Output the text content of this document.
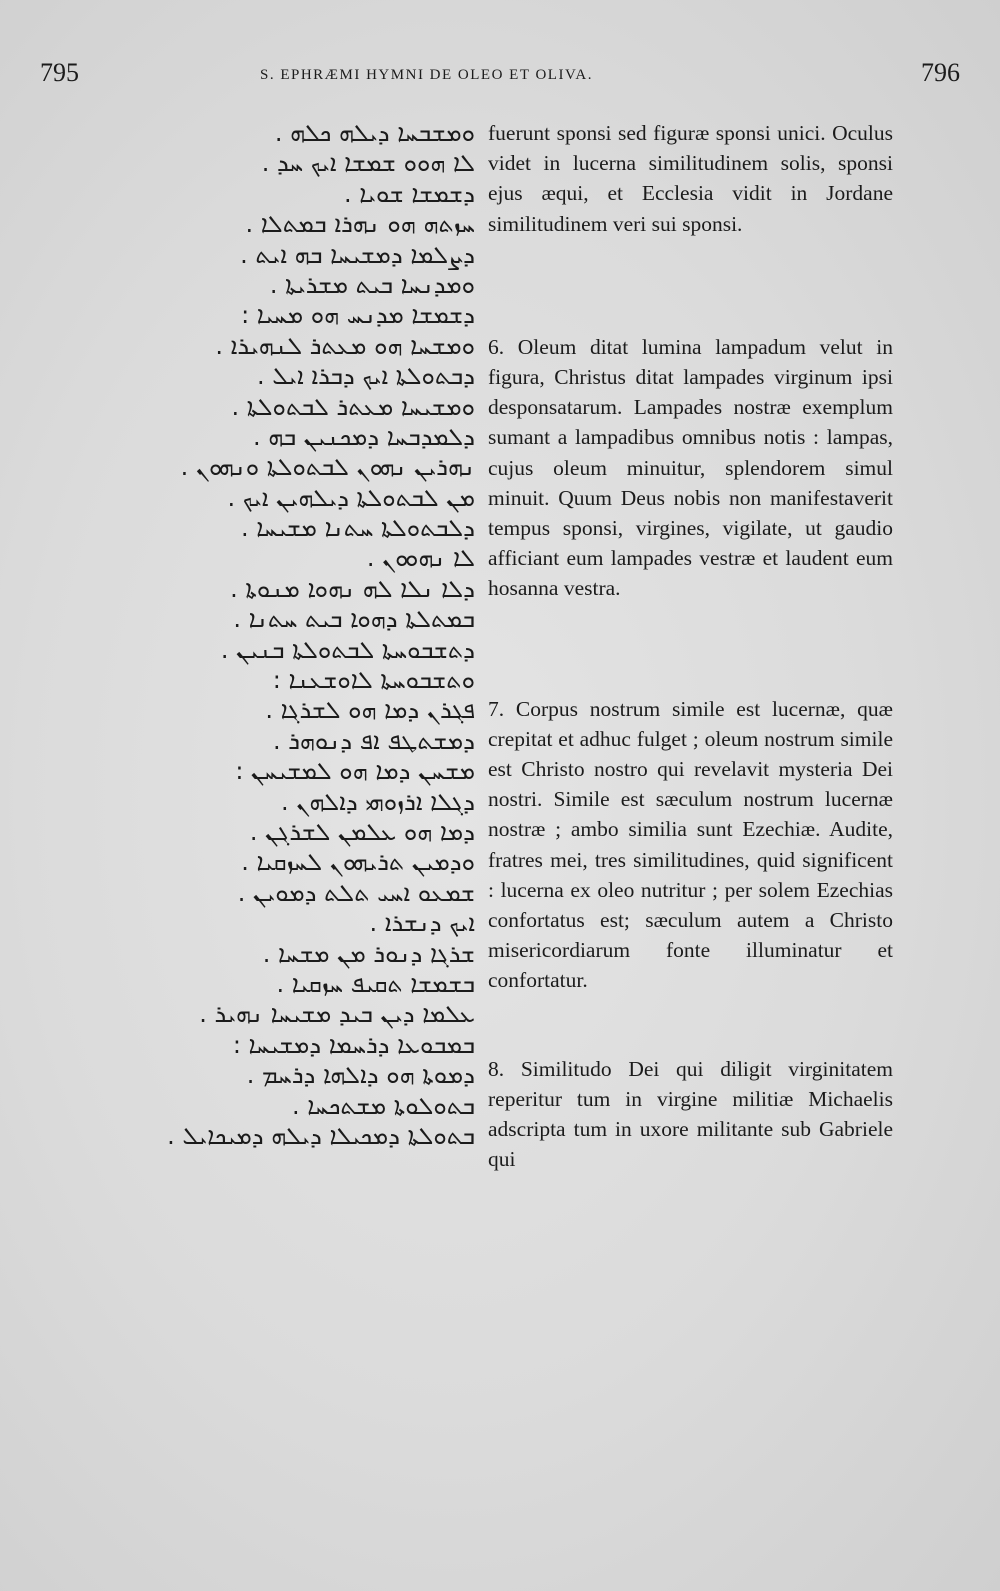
795	S. EPHRÆMI HYMNI DE OLEO ET OLIVA.	796
ܘܡܫܒܚܐ ܕܝܠܗ ܟܠܗ .
ܠܐ ܗܘܘ ܫܡܫܐ ܐܝܟ ܚܕ .
ܕܫܡܫܐ ܫܘܝܐ .
ܚܙܬܗ ܗܘ ܢܗܪܐ ܒܡܬܠܐ .
ܕܨܠܡܐ ܕܡܫܝܚܐ ܒܗ ܐܝܬ .
ܘܡܕܢܚܐ ܒܝܬ ܡܫܪܝܬܐ .
ܕܫܡܫܐ ܡܕܢܚ ܗܘ ܡܚܝܐ :
ܘܡܫܚܐ ܗܘ ܡܥܬܪ ܠܢܗܝܪܐ .
ܕܒܬܘܠܬܐ ܐܝܟ ܕܒܪܐ ܐܝܠ .
ܘܡܫܝܚܐ ܡܥܬܪ ܠܒܬܘܠܬܐ .
ܕܠܡܕܒܚܐ ܕܡܟܢܝܢ ܒܗ .
ܢܗܪܝܢ ܢܗܘܢ ܠܒܬܘܠܬܐ ܘܢܗܘܢ .
ܡܢ ܠܒܬܘܠܬܐ ܕܝܠܗܝܢ ܐܝܟ .
ܕܠܒܬܘܠܬܐ ܚܬܢܐ ܡܫܝܚܐ .
ܠܐ ܢܗܘܘܢ .
ܕܠܐ ܢܠܐ ܠܗ ܢܗܘܐ ܡܢܘܬܐ .
ܒܡܬܠܬܐ ܕܗܘܐ ܒܝܬ ܚܬܢܐ .
ܕܬܫܒܘܚܬܐ ܠܒܬܘܠܬܐ ܒܢܝܢ .
ܘܬܫܒܘܚܬܐ ܠܐܘܫܥܢܐ :
ܦܓܪܢ ܕܡܐ ܗܘ ܠܫܪܓܐ .
ܕܡܫܬܛܦ ܐܦ ܕܢܘܗܪ .
ܡܫܚܢ ܕܡܐ ܗܘ ܠܡܫܝܚܢ :
ܕܓܠܐ ܐܪܙܘܗܝ ܕܐܠܗܢ .
ܕܡܐ ܗܘ ܥܠܡܢ ܠܫܪܓܢ .
ܘܕܡܝܢ ܬܪܝܗܘܢ ܠܚܙܩܝܐ .
ܫܡܥܘ ܐܚܝ ܬܠܬ ܕܡܘܝܢ .
ܐܝܟ ܕܢܫܪܐ .
ܫܪܓܐ ܕܢܘܪ ܡܢ ܡܫܚܐ .
ܒܫܡܫܐ ܬܩܝܦ ܚܙܩܝܐ .
ܥܠܡܐ ܕܝܢ ܒܝܕ ܡܫܝܚܐ ܢܗܝܪ .
ܒܡܒܘܥܐ ܕܪܚܡܐ ܕܡܫܝܚܐ :
ܕܡܘܬܐ ܗܘ ܕܐܠܗܐ ܕܪܚܡ .
ܒܬܘܠܘܬܐ ܡܫܬܟܚܐ .
ܒܬܘܠܬܐ ܕܡܟܝܠܐ ܕܝܠܗ ܕܡܝܟܐܝܠ .

fuerunt sponsi sed figuræ sponsi unici. Oculus videt in lucerna similitudinem solis, sponsi ejus æqui, et Ecclesia vidit in Jordane similitudinem veri sui sponsi.

6. Oleum ditat lumina lampadum velut in figura, Christus ditat lampades virginum ipsi desponsatarum. Lampades nostræ exemplum sumant a lampadibus omnibus notis : lampas, cujus oleum minuitur, splendorem simul minuit. Quum Deus nobis non manifestaverit tempus sponsi, virgines, vigilate, ut gaudio afficiant eum lampades vestræ et laudent eum hosanna vestra.

7. Corpus nostrum simile est lucernæ, quæ crepitat et adhuc fulget ; oleum nostrum simile est Christo nostro qui revelavit mysteria Dei nostri. Simile est sæculum nostrum lucernæ nostræ ; ambo similia sunt Ezechiæ. Audite, fratres mei, tres similitudines, quid significent : lucerna ex oleo nutritur ; per solem Ezechias confortatus est; sæculum autem a Christo misericordiarum fonte illuminatur et confortatur.

8. Similitudo Dei qui diligit virginitatem reperitur tum in virgine militiæ Michaelis adscripta tum in uxore militante sub Gabriele qui
